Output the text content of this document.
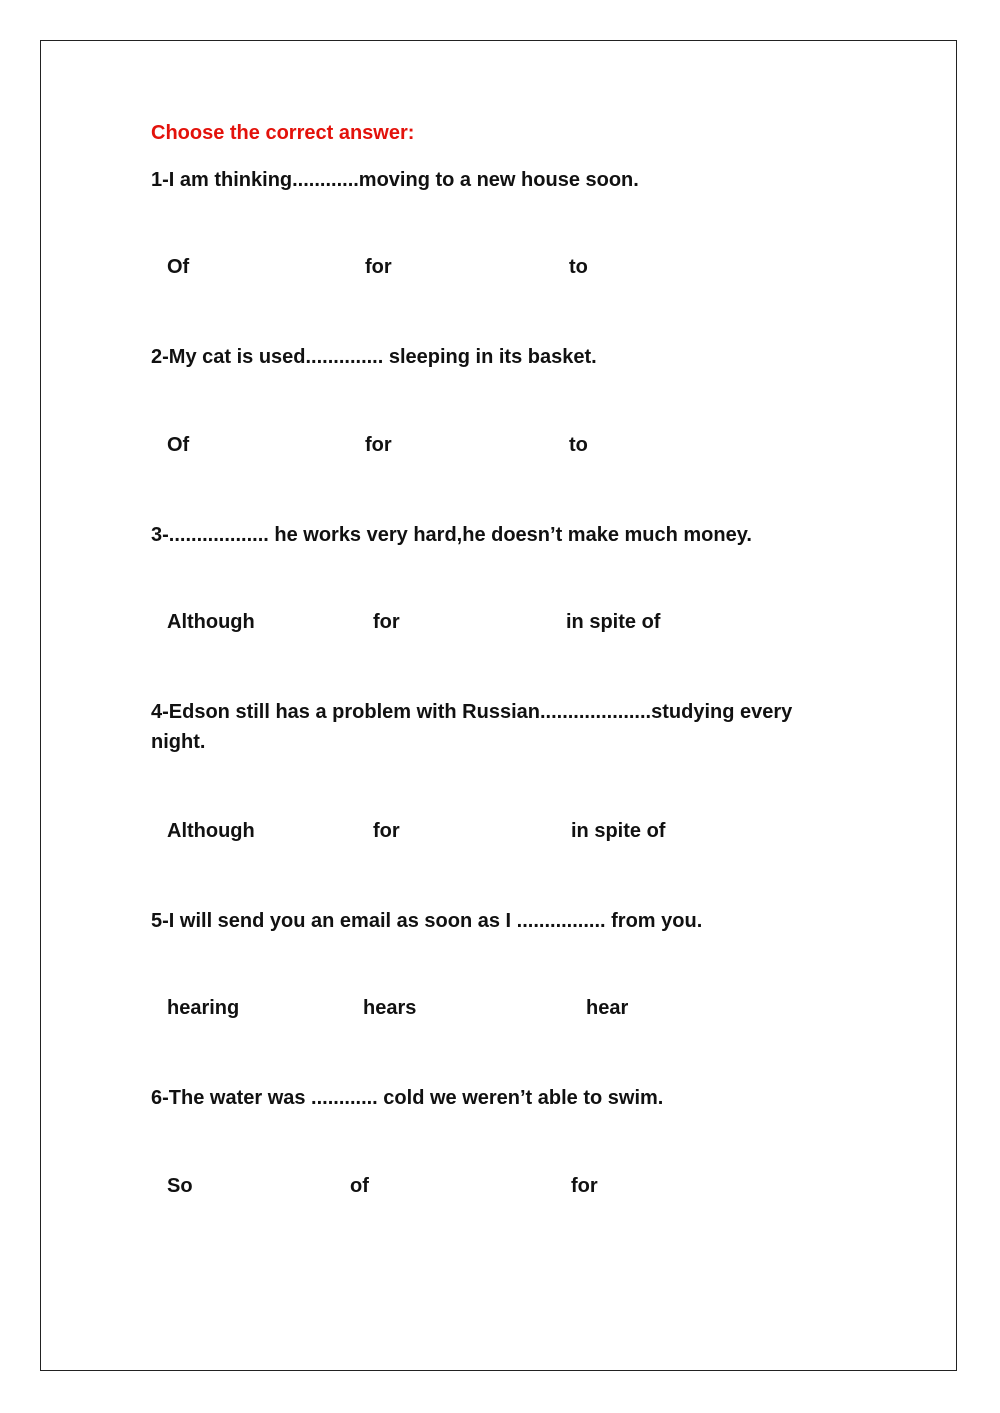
Choose the correct answer:
1-I am thinking............moving to a new house soon.
Of	for	to
2-My cat is used.............. sleeping in its basket.
Of	for	to
3-.................. he works very hard,he doesn’t make much money.
Although	for	in spite of
4-Edson still has a problem with Russian....................studying every night.
Although	for	in spite of
5-I will send you an email as soon as I ................ from you.
hearing	hears	hear
6-The water was ............ cold we weren’t able to swim.
So	of	for
